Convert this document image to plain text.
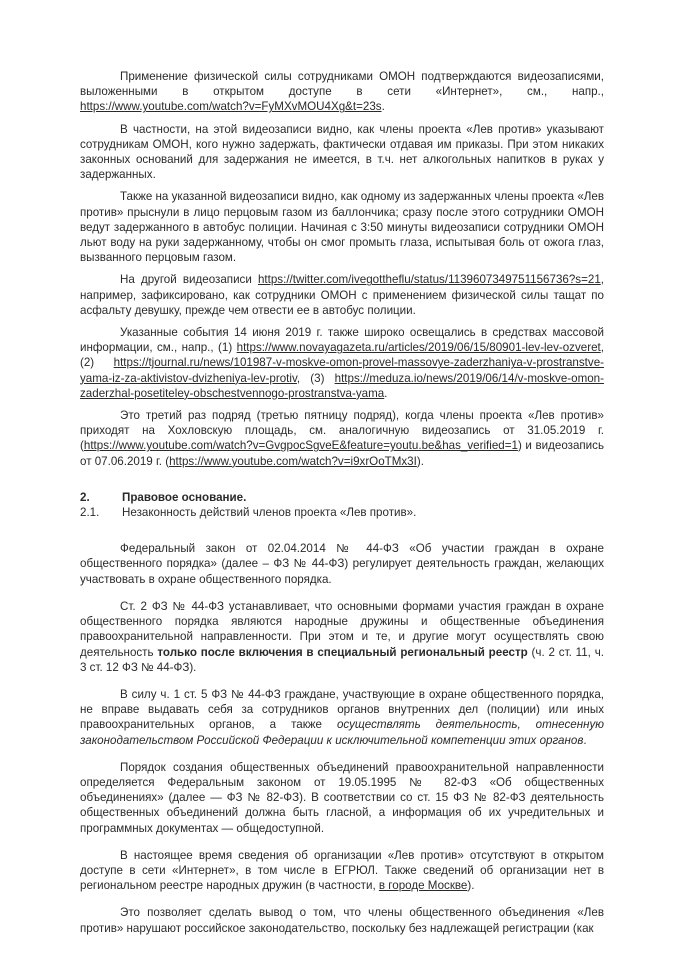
Применение физической силы сотрудниками ОМОН подтверждаются видеозаписями, выложенными в открытом доступе в сети «Интернет», см., напр., https://www.youtube.com/watch?v=FyMXvMOU4Xg&t=23s.

В частности, на этой видеозаписи видно, как члены проекта «Лев против» указывают сотрудникам ОМОН, кого нужно задержать, фактически отдавая им приказы. При этом никаких законных оснований для задержания не имеется, в т.ч. нет алкогольных напитков в руках у задержанных.

Также на указанной видеозаписи видно, как одному из задержанных члены проекта «Лев против» прыснули в лицо перцовым газом из баллончика; сразу после этого сотрудники ОМОН ведут задержанного в автобус полиции. Начиная с 3:50 минуты видеозаписи сотрудники ОМОН льют воду на руки задержанному, чтобы он смог промыть глаза, испытывая боль от ожога глаз, вызванного перцовым газом.

На другой видеозаписи https://twitter.com/ivegottheflu/status/1139607349751156736?s=21, например, зафиксировано, как сотрудники ОМОН с применением физической силы тащат по асфальту девушку, прежде чем отвести ее в автобус полиции.

Указанные события 14 июня 2019 г. также широко освещались в средствах массовой информации, см., напр., (1) https://www.novayagazeta.ru/articles/2019/06/15/80901-lev-lev-ozveret, (2) https://tjournal.ru/news/101987-v-moskve-omon-provel-massovye-zaderzhaniya-v-prostranstve-yama-iz-za-aktivistov-dvizheniya-lev-protiv, (3) https://meduza.io/news/2019/06/14/v-moskve-omon-zaderzhal-posetiteley-obschestvennogo-prostranstva-yama.

Это третий раз подряд (третью пятницу подряд), когда члены проекта «Лев против» приходят на Хохловскую площадь, см. аналогичную видеозапись от 31.05.2019 г. (https://www.youtube.com/watch?v=GvgpocSgveE&feature=youtu.be&has_verified=1) и видеозапись от 07.06.2019 г. (https://www.youtube.com/watch?v=i9xrOoTMx3I).

2.	Правовое основание.
2.1.	Незаконность действий членов проекта «Лев против».

Федеральный закон от 02.04.2014 № 44-ФЗ «Об участии граждан в охране общественного порядка» (далее – ФЗ № 44-ФЗ) регулирует деятельность граждан, желающих участвовать в охране общественного порядка.

Ст. 2 ФЗ № 44-ФЗ устанавливает, что основными формами участия граждан в охране общественного порядка являются народные дружины и общественные объединения правоохранительной направленности. При этом и те, и другие могут осуществлять свою деятельность только после включения в специальный региональный реестр (ч. 2 ст. 11, ч. 3 ст. 12 ФЗ № 44-ФЗ).

В силу ч. 1 ст. 5 ФЗ № 44-ФЗ граждане, участвующие в охране общественного порядка, не вправе выдавать себя за сотрудников органов внутренних дел (полиции) или иных правоохранительных органов, а также осуществлять деятельность, отнесенную законодательством Российской Федерации к исключительной компетенции этих органов.

Порядок создания общественных объединений правоохранительной направленности определяется Федеральным законом от 19.05.1995 № 82-ФЗ «Об общественных объединениях» (далее — ФЗ № 82-ФЗ). В соответствии со ст. 15 ФЗ № 82-ФЗ деятельность общественных объединений должна быть гласной, а информация об их учредительных и программных документах — общедоступной.

В настоящее время сведения об организации «Лев против» отсутствуют в открытом доступе в сети «Интернет», в том числе в ЕГРЮЛ. Также сведений об организации нет в региональном реестре народных дружин (в частности, в городе Москве).

Это позволяет сделать вывод о том, что члены общественного объединения «Лев против» нарушают российское законодательство, поскольку без надлежащей регистрации (как
